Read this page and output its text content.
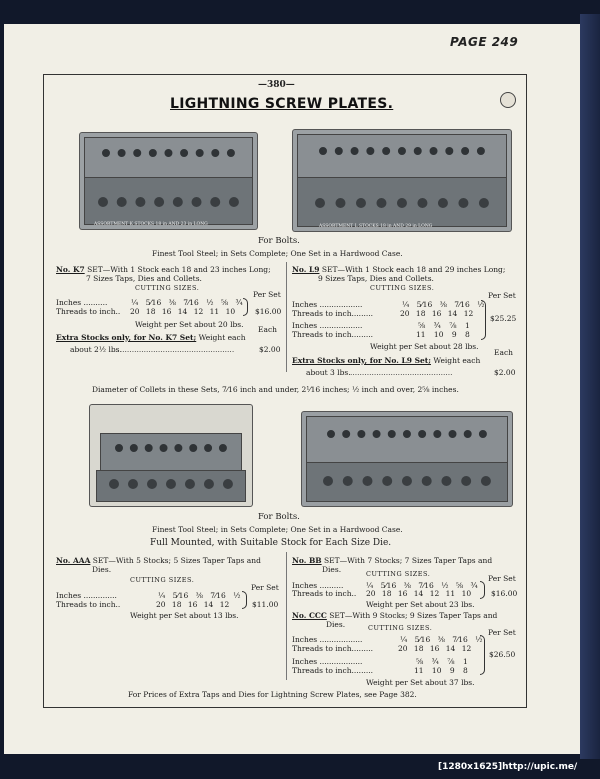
PAGE 249
—380—
LIGHTNING SCREW PLATES.
ASSORTMENT K STOCKS 18 in AND 23 in LONG	ASSORTMENT L STOCKS 18 in AND 29 in LONG
For Bolts.
Finest Tool Steel; in Sets Complete; One Set in a Hardwood Case.
No. K7 SET—With 1 Stock each 18 and 23 inches Long;
7 Sizes Taps, Dies and Collets.
CUTTING SIZES.
Per Set
Inches ..........	¼ 5⁄16 ⅜ 7⁄16 ½ ⅝ ¾
Threads to inch.. 20 18 16 14 12 11 10	$16.00
Weight per Set about 20 lbs.
Each
Extra Stocks only, for No. K7 Set; Weight each
about 2½ lbs.
..................................................	$2.00
No. L9 SET—With 1 Stock each 18 and 29 inches Long;
9 Sizes Taps, Dies and Collets.
CUTTING SIZES.
Per Set
Inches ..................	¼ 5⁄16 ⅜ 7⁄16 ½
Threads to inch.........	20 18 16 14 12
Inches ..................	⅝ ¾ ⅞ 1
Threads to inch.........	11 10 9 8
$25.25
Weight per Set about 28 lbs.
Each
Extra Stocks only, for No. L9 Set; Weight each
about 3 lbs. ...........................................	$2.00
Diameter of Collets in these Sets, 7⁄16 inch and under, 2¹⁄16 inches; ½ inch and over, 2⅝ inches.
For Bolts.
Finest Tool Steel; in Sets Complete; One Set in a Hardwood Case.
Full Mounted, with Suitable Stock for Each Size Die.
No. AAA SET—With 5 Stocks; 5 Sizes Taper Taps and
Dies.
CUTTING SIZES.
Per Set
Inches ..............	¼ 5⁄16 ⅜ 7⁄16 ½
Threads to inch..	20 18 16 14 12	$11.00
Weight per Set about 13 lbs.
No. BB SET—With 7 Stocks; 7 Sizes Taper Taps and
Dies.	CUTTING SIZES.	Per Set
Inches ..........	¼ 5⁄16 ⅜ 7⁄16 ½ ⅝ ¾
Threads to inch.. 20 18 16 14 12 11 10	$16.00
Weight per Set about 23 lbs.
No. CCC SET—With 9 Stocks; 9 Sizes Taper Taps and
Dies.	CUTTING SIZES.	Per Set
Inches ..................	¼ 5⁄16 ⅜ 7⁄16 ½
Threads to inch.........	20 18 16 14 12
Inches ..................	⅝ ¾ ⅞ 1
Threads to inch.........	11 10 9 8
$26.50
Weight per Set about 37 lbs.
For Prices of Extra Taps and Dies for Lightning Screw Plates, see Page 382.
[1280x1625]http://upic.me/
